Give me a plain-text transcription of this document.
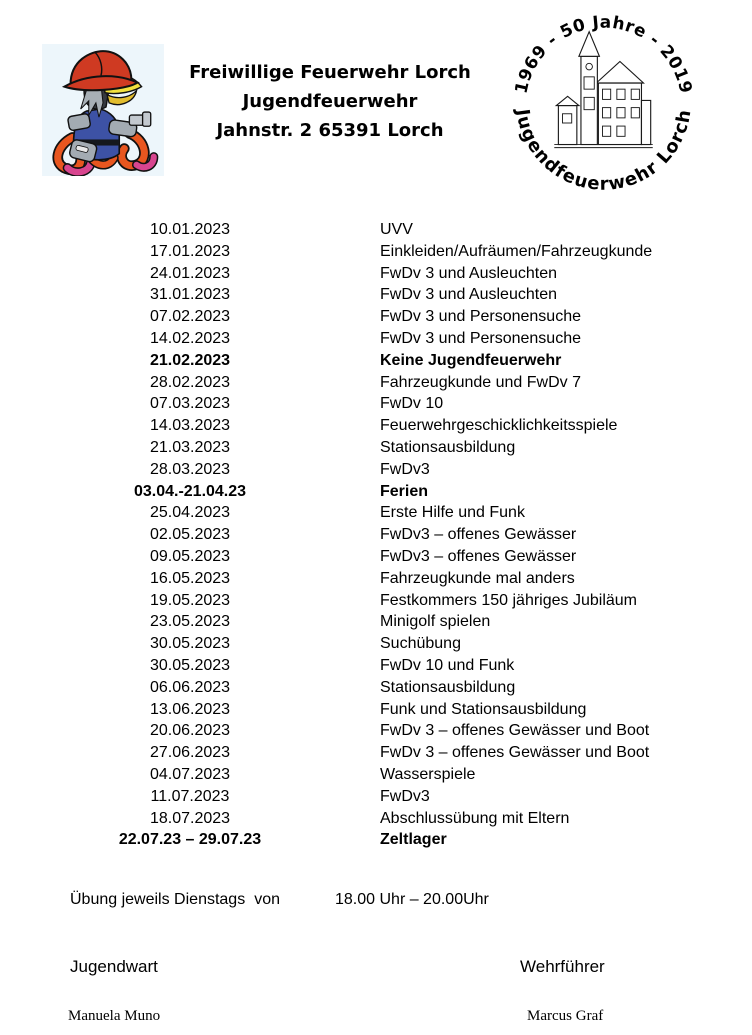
Freiwillige Feuerwehr Lorch
Jugendfeuerwehr
Jahnstr. 2 65391 Lorch
1969 - 50 Jahre - 2019
Jugendfeuerwehr Lorch
10.01.2023	UVV
17.01.2023	Einkleiden/Aufräumen/Fahrzeugkunde
24.01.2023	FwDv 3 und Ausleuchten
31.01.2023	FwDv 3 und Ausleuchten
07.02.2023	FwDv 3 und Personensuche
14.02.2023	FwDv 3 und Personensuche
21.02.2023	Keine Jugendfeuerwehr
28.02.2023	Fahrzeugkunde und FwDv 7
07.03.2023	FwDv 10
14.03.2023	Feuerwehrgeschicklichkeitsspiele
21.03.2023	Stationsausbildung
28.03.2023	FwDv3
03.04.-21.04.23	Ferien
25.04.2023	Erste Hilfe und Funk
02.05.2023	FwDv3 – offenes Gewässer
09.05.2023	FwDv3 – offenes Gewässer
16.05.2023	Fahrzeugkunde mal anders
19.05.2023	Festkommers 150 jähriges Jubiläum
23.05.2023	Minigolf spielen
30.05.2023	Suchübung
30.05.2023	FwDv 10 und Funk
06.06.2023	Stationsausbildung
13.06.2023	Funk und Stationsausbildung
20.06.2023	FwDv 3 – offenes Gewässer und Boot
27.06.2023	FwDv 3 – offenes Gewässer und Boot
04.07.2023	Wasserspiele
11.07.2023	FwDv3
18.07.2023	Abschlussübung mit Eltern
22.07.23 – 29.07.23	Zeltlager
Übung jeweils Dienstags von	18.00 Uhr – 20.00Uhr
Jugendwart	Wehrführer
Manuela Muno	Marcus Graf
